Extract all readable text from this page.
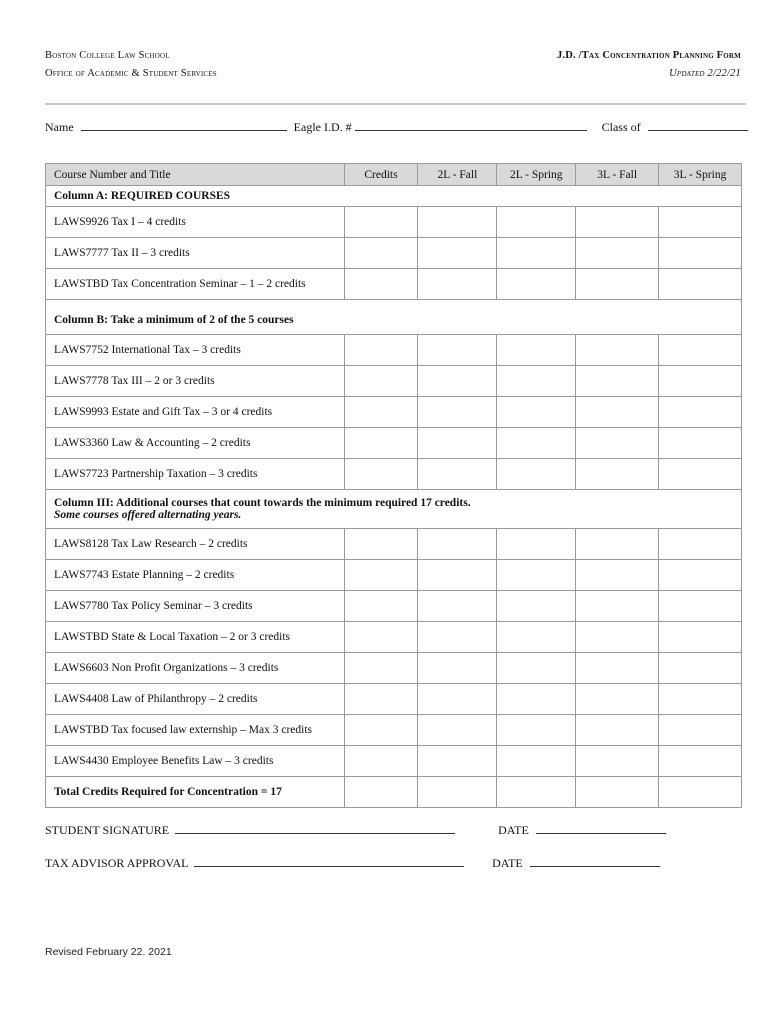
Boston College Law School
Office of Academic & Student Services
J.D. /Tax Concentration Planning Form
Updated 2/22/21
Name	Eagle I.D. #	Class of
Course Number and Title	Credits	2L - Fall	2L - Spring	3L - Fall	3L - Spring
Column A: REQUIRED COURSES					
LAWS9926 Tax I – 4 credits					
LAWS7777 Tax II – 3 credits					
LAWSTBD Tax Concentration Seminar – 1 – 2 credits					
Column B: Take a minimum of 2 of the 5 courses					
LAWS7752 International Tax – 3 credits					
LAWS7778 Tax III – 2 or 3 credits					
LAWS9993 Estate and Gift Tax – 3 or 4 credits					
LAWS3360 Law & Accounting – 2 credits					
LAWS7723 Partnership Taxation – 3 credits					
Column III: Additional courses that count towards the minimum required 17 credits.
Some courses offered alternating years.					

LAWS8128 Tax Law Research – 2 credits					
LAWS7743 Estate Planning – 2 credits					
LAWS7780 Tax Policy Seminar – 3 credits					
LAWSTBD State & Local Taxation – 2 or 3 credits					
LAWS6603 Non Profit Organizations – 3 credits					
LAWS4408 Law of Philanthropy – 2 credits					
LAWSTBD Tax focused law externship – Max 3 credits					
LAWS4430 Employee Benefits Law – 3 credits					
Total Credits Required for Concentration = 17					
STUDENT SIGNATURE	DATE
TAX ADVISOR APPROVAL	DATE
Revised February 22. 2021
